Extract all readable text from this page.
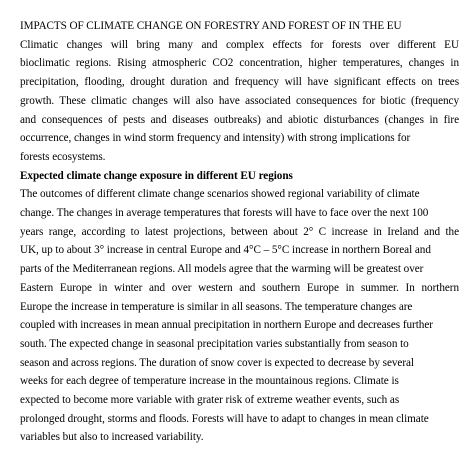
IMPACTS OF CLIMATE CHANGE ON FORESTRY AND FOREST OF IN THE EU
Climatic changes will bring many and complex effects for forests over different EU
bioclimatic regions. Rising atmospheric CO2 concentration, higher temperatures, changes in
precipitation, flooding, drought duration and frequency will have significant effects on trees
growth. These climatic changes will also have associated consequences for biotic (frequency
and consequences of pests and diseases outbreaks) and abiotic disturbances (changes in fire
occurrence, changes in wind storm frequency and intensity) with strong implications for
forests ecosystems.
Expected climate change exposure in different EU regions
The outcomes of different climate change scenarios showed regional variability of climate
change. The changes in average temperatures that forests will have to face over the next 100
years range, according to latest projections, between about 2° C increase in Ireland and the
UK, up to about 3° increase in central Europe and 4°C – 5°C increase in northern Boreal and
parts of the Mediterranean regions. All models agree that the warming will be greatest over
Eastern Europe in winter and over western and southern Europe in summer. In northern
Europe the increase in temperature is similar in all seasons. The temperature changes are
coupled with increases in mean annual precipitation in northern Europe and decreases further
south. The expected change in seasonal precipitation varies substantially from season to
season and across regions. The duration of snow cover is expected to decrease by several
weeks for each degree of temperature increase in the mountainous regions. Climate is
expected to become more variable with grater risk of extreme weather events, such as
prolonged drought, storms and floods. Forests will have to adapt to changes in mean climate
variables but also to increased variability.
